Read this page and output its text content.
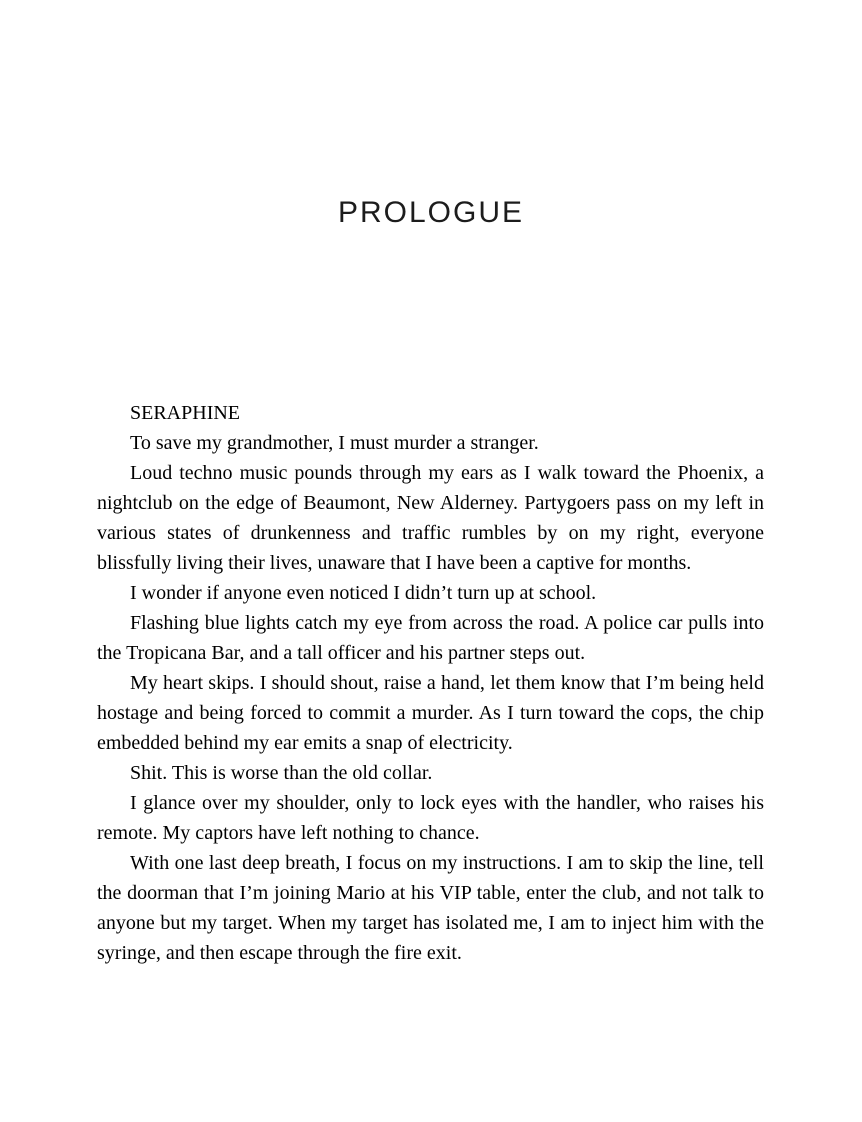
PROLOGUE

SERAPHINE

To save my grandmother, I must murder a stranger.

Loud techno music pounds through my ears as I walk toward the Phoenix, a nightclub on the edge of Beaumont, New Alderney. Partygoers pass on my left in various states of drunkenness and traffic rumbles by on my right, everyone blissfully living their lives, unaware that I have been a captive for months.

I wonder if anyone even noticed I didn’t turn up at school.

Flashing blue lights catch my eye from across the road. A police car pulls into the Tropicana Bar, and a tall officer and his partner steps out.

My heart skips. I should shout, raise a hand, let them know that I’m being held hostage and being forced to commit a murder. As I turn toward the cops, the chip embedded behind my ear emits a snap of electricity.

Shit. This is worse than the old collar.

I glance over my shoulder, only to lock eyes with the handler, who raises his remote. My captors have left nothing to chance.

With one last deep breath, I focus on my instructions. I am to skip the line, tell the doorman that I’m joining Mario at his VIP table, enter the club, and not talk to anyone but my target. When my target has isolated me, I am to inject him with the syringe, and then escape through the fire exit.
